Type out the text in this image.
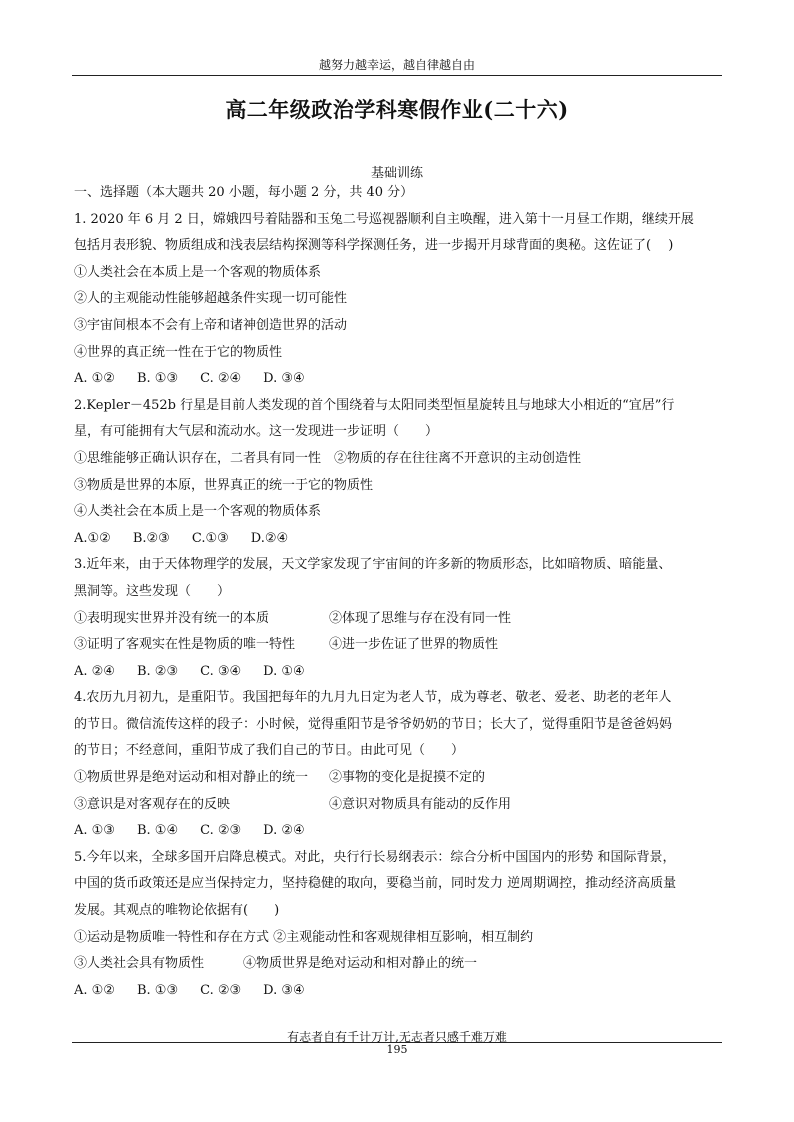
越努力越幸运，越自律越自由
高二年级政治学科寒假作业(二十六)
基础训练
一、选择题（本大题共 20 小题，每小题 2 分，共 40 分）
1. 2020 年 6 月 2 日，嫦娥四号着陆器和玉兔二号巡视器顺利自主唤醒，进入第十一月昼工作期，继续开展
包括月表形貌、物质组成和浅表层结构探测等科学探测任务，进一步揭开月球背面的奥秘。这佐证了(　 )
①人类社会在本质上是一个客观的物质体系
②人的主观能动性能够超越条件实现一切可能性
③宇宙间根本不会有上帝和诸神创造世界的活动
④世界的真正统一性在于它的物质性
A. ①② B. ①③ C. ②④ D. ③④
2.Kepler－452b 行星是目前人类发现的首个围绕着与太阳同类型恒星旋转且与地球大小相近的“宜居”行
星，有可能拥有大气层和流动水。这一发现进一步证明（　　）
①思维能够正确认识存在，二者具有同一性　②物质的存在往往离不开意识的主动创造性
③物质是世界的本原，世界真正的统一于它的物质性
④人类社会在本质上是一个客观的物质体系
A.①② B.②③ C.①③ D.②④
3.近年来，由于天体物理学的发展，天文学家发现了宇宙间的许多新的物质形态，比如暗物质、暗能量、
黑洞等。这些发现（　　）
①表明现实世界并没有统一的本质	②体现了思维与存在没有同一性
③证明了客观实在性是物质的唯一特性	④进一步佐证了世界的物质性
A. ②④ B. ②③ C. ③④ D. ①④
4.农历九月初九，是重阳节。我国把每年的九月九日定为老人节，成为尊老、敬老、爱老、助老的老年人
的节日。微信流传这样的段子：小时候，觉得重阳节是爷爷奶奶的节日；长大了，觉得重阳节是爸爸妈妈
的节日；不经意间，重阳节成了我们自己的节日。由此可见（　　）
①物质世界是绝对运动和相对静止的统一	②事物的变化是捉摸不定的
③意识是对客观存在的反映	④意识对物质具有能动的反作用
A. ①③ B. ①④ C. ②③ D. ②④
5.今年以来，全球多国开启降息模式。对此，央行行长易纲表示：综合分析中国国内的形势 和国际背景，
中国的货币政策还是应当保持定力，坚持稳健的取向，要稳当前，同时发力 逆周期调控，推动经济高质量
发展。其观点的唯物论依据有(　　)
①运动是物质唯一特性和存在方式 ②主观能动性和客观规律相互影响，相互制约
③人类社会具有物质性　　　④物质世界是绝对运动和相对静止的统一
A. ①② B. ①③ C. ②③ D. ③④
有志者自有千计万计,无志者只感千难万难
195
